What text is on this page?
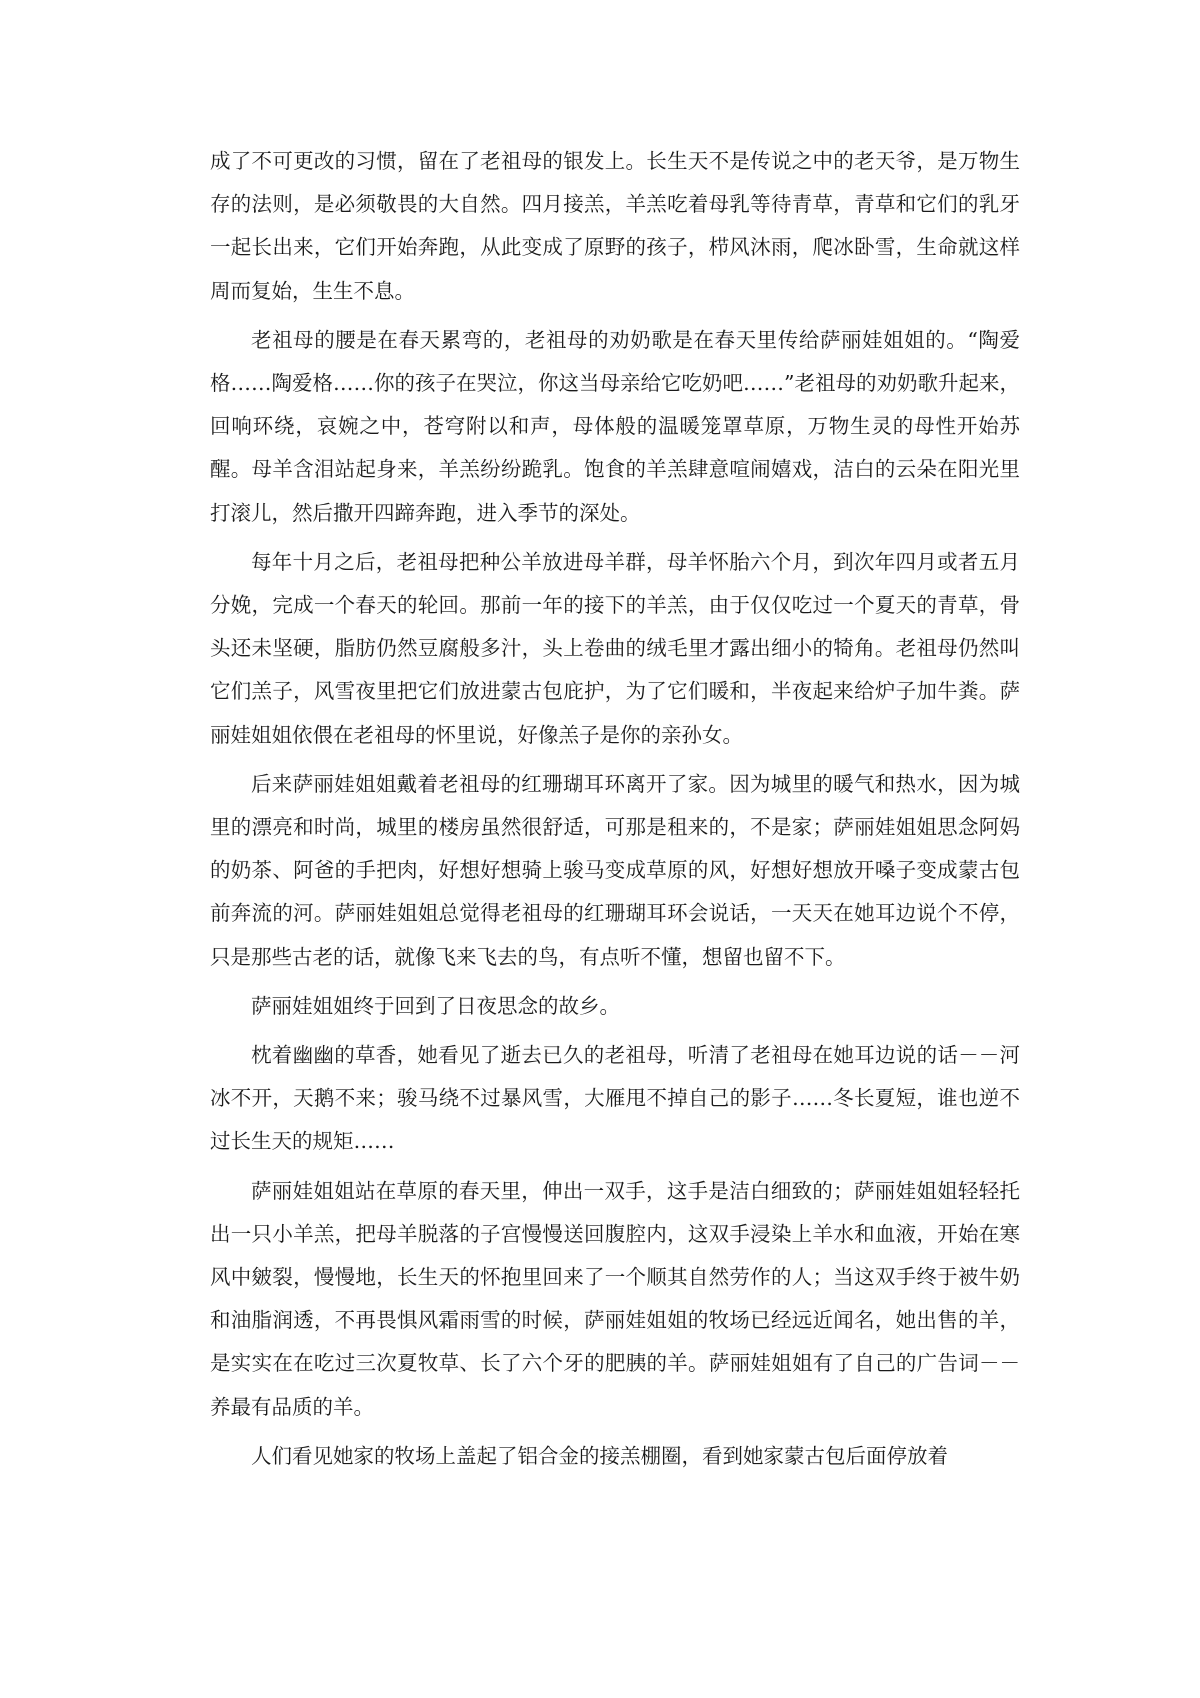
成了不可更改的习惯，留在了老祖母的银发上。长生天不是传说之中的老天爷，是万物生存的法则，是必须敬畏的大自然。四月接羔，羊羔吃着母乳等待青草，青草和它们的乳牙一起长出来，它们开始奔跑，从此变成了原野的孩子，栉风沐雨，爬冰卧雪，生命就这样周而复始，生生不息。

老祖母的腰是在春天累弯的，老祖母的劝奶歌是在春天里传给萨丽娃姐姐的。“陶爱格……陶爱格……你的孩子在哭泣，你这当母亲给它吃奶吧……”老祖母的劝奶歌升起来，回响环绕，哀婉之中，苍穹附以和声，母体般的温暖笼罩草原，万物生灵的母性开始苏醒。母羊含泪站起身来，羊羔纷纷跪乳。饱食的羊羔肆意喧闹嬉戏，洁白的云朵在阳光里打滚儿，然后撒开四蹄奔跑，进入季节的深处。

每年十月之后，老祖母把种公羊放进母羊群，母羊怀胎六个月，到次年四月或者五月分娩，完成一个春天的轮回。那前一年的接下的羊羔，由于仅仅吃过一个夏天的青草，骨头还未坚硬，脂肪仍然豆腐般多汁，头上卷曲的绒毛里才露出细小的犄角。老祖母仍然叫它们羔子，风雪夜里把它们放进蒙古包庇护，为了它们暖和，半夜起来给炉子加牛粪。萨丽娃姐姐依偎在老祖母的怀里说，好像羔子是你的亲孙女。

后来萨丽娃姐姐戴着老祖母的红珊瑚耳环离开了家。因为城里的暖气和热水，因为城里的漂亮和时尚，城里的楼房虽然很舒适，可那是租来的，不是家；萨丽娃姐姐思念阿妈的奶茶、阿爸的手把肉，好想好想骑上骏马变成草原的风，好想好想放开嗓子变成蒙古包前奔流的河。萨丽娃姐姐总觉得老祖母的红珊瑚耳环会说话，一天天在她耳边说个不停，只是那些古老的话，就像飞来飞去的鸟，有点听不懂，想留也留不下。

萨丽娃姐姐终于回到了日夜思念的故乡。

枕着幽幽的草香，她看见了逝去已久的老祖母，听清了老祖母在她耳边说的话－－河冰不开，天鹅不来；骏马绕不过暴风雪，大雁甩不掉自己的影子……冬长夏短，谁也逆不过长生天的规矩……

萨丽娃姐姐站在草原的春天里，伸出一双手，这手是洁白细致的；萨丽娃姐姐轻轻托出一只小羊羔，把母羊脱落的子宫慢慢送回腹腔内，这双手浸染上羊水和血液，开始在寒风中皴裂，慢慢地，长生天的怀抱里回来了一个顺其自然劳作的人；当这双手终于被牛奶和油脂润透，不再畏惧风霜雨雪的时候，萨丽娃姐姐的牧场已经远近闻名，她出售的羊，是实实在在吃过三次夏牧草、长了六个牙的肥胰的羊。萨丽娃姐姐有了自己的广告词－－养最有品质的羊。

人们看见她家的牧场上盖起了铝合金的接羔棚圈，看到她家蒙古包后面停放着
